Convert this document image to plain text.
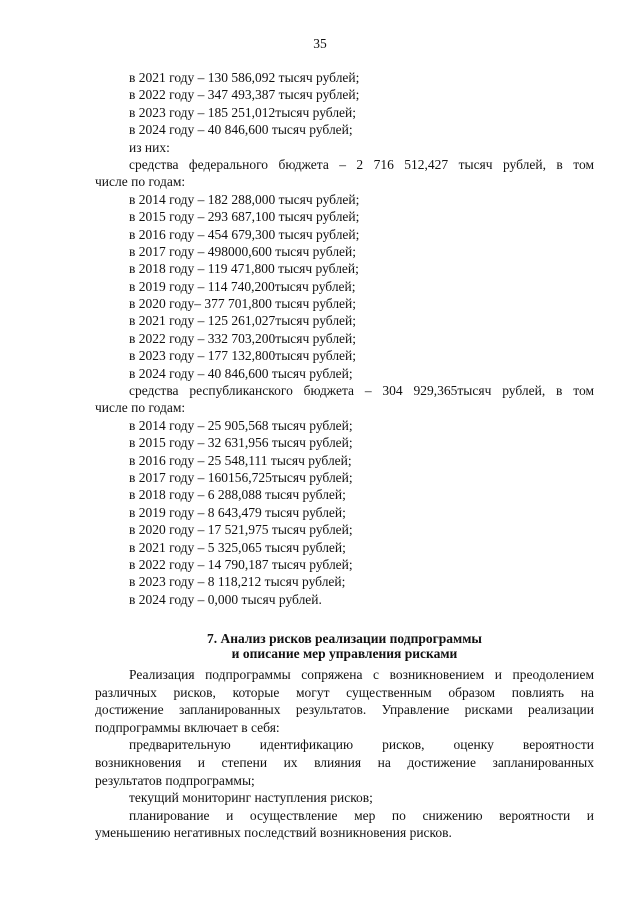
35
в 2021 году – 130 586,092 тысяч рублей;
в 2022 году – 347 493,387 тысяч рублей;
в 2023 году – 185 251,012тысяч рублей;
в 2024 году – 40 846,600 тысяч рублей;
из них:
средства федерального бюджета – 2 716 512,427 тысяч рублей, в том
числе по годам:
в 2014 году – 182 288,000 тысяч рублей;
в 2015 году – 293 687,100 тысяч рублей;
в 2016 году – 454 679,300 тысяч рублей;
в 2017 году – 498000,600 тысяч рублей;
в 2018 году – 119 471,800 тысяч рублей;
в 2019 году – 114 740,200тысяч рублей;
в 2020 году– 377 701,800 тысяч рублей;
в 2021 году – 125 261,027тысяч рублей;
в 2022 году – 332 703,200тысяч рублей;
в 2023 году – 177 132,800тысяч рублей;
в 2024 году – 40 846,600 тысяч рублей;
средства республиканского бюджета – 304 929,365тысяч рублей, в том
числе по годам:
в 2014 году – 25 905,568 тысяч рублей;
в 2015 году – 32 631,956 тысяч рублей;
в 2016 году – 25 548,111 тысяч рублей;
в 2017 году – 160156,725тысяч рублей;
в 2018 году – 6 288,088 тысяч рублей;
в 2019 году – 8 643,479 тысяч рублей;
в 2020 году – 17 521,975 тысяч рублей;
в 2021 году – 5 325,065 тысяч рублей;
в 2022 году – 14 790,187 тысяч рублей;
в 2023 году – 8 118,212 тысяч рублей;
в 2024 году – 0,000 тысяч рублей.
7. Анализ рисков реализации подпрограммы
и описание мер управления рисками
Реализация подпрограммы сопряжена с возникновением и преодолением
различных рисков, которые могут существенным образом повлиять на
достижение запланированных результатов. Управление рисками реализации
подпрограммы включает в себя:
предварительную идентификацию рисков, оценку вероятности
возникновения и степени их влияния на достижение запланированных
результатов подпрограммы;
текущий мониторинг наступления рисков;
планирование и осуществление мер по снижению вероятности и
уменьшению негативных последствий возникновения рисков.
